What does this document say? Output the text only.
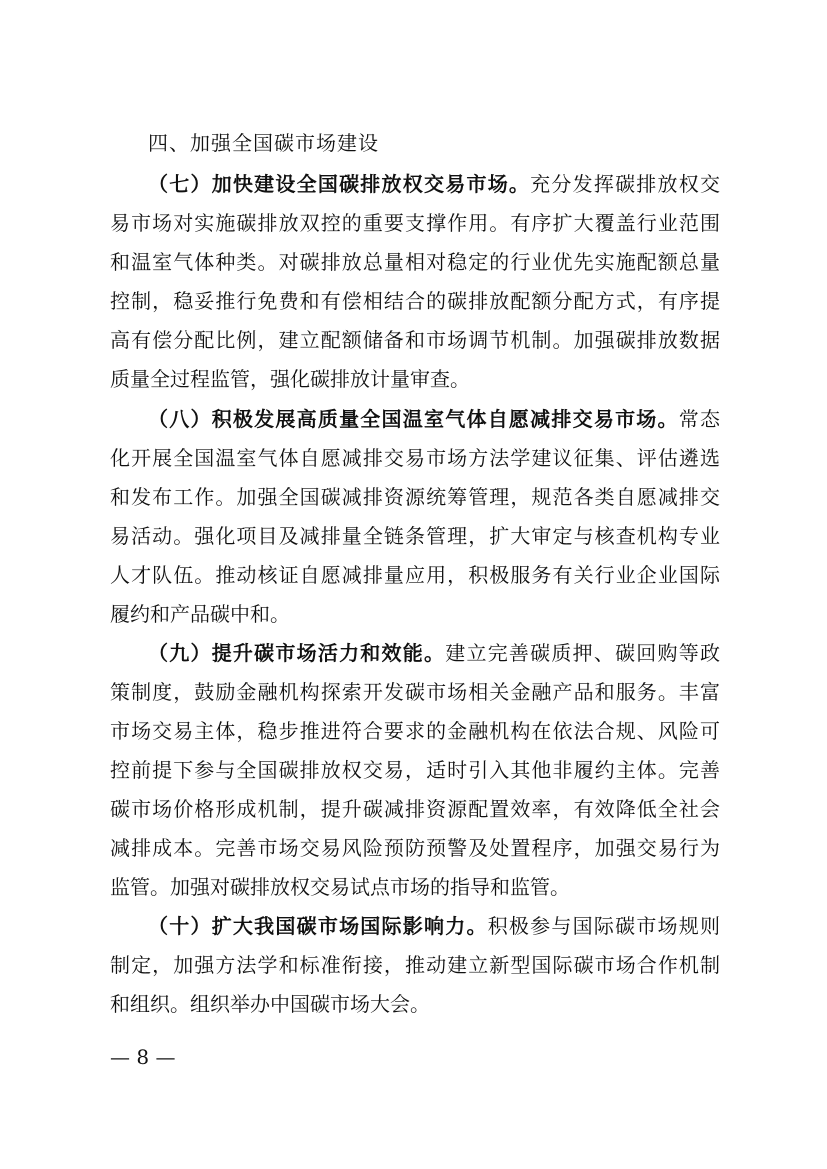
四、加强全国碳市场建设
（七）加快建设全国碳排放权交易市场。充分发挥碳排放权交
易市场对实施碳排放双控的重要支撑作用。有序扩大覆盖行业范围
和温室气体种类。对碳排放总量相对稳定的行业优先实施配额总量
控制，稳妥推行免费和有偿相结合的碳排放配额分配方式，有序提
高有偿分配比例，建立配额储备和市场调节机制。加强碳排放数据
质量全过程监管，强化碳排放计量审查。
（八）积极发展高质量全国温室气体自愿减排交易市场。常态
化开展全国温室气体自愿减排交易市场方法学建议征集、评估遴选
和发布工作。加强全国碳减排资源统筹管理，规范各类自愿减排交
易活动。强化项目及减排量全链条管理，扩大审定与核查机构专业
人才队伍。推动核证自愿减排量应用，积极服务有关行业企业国际
履约和产品碳中和。
（九）提升碳市场活力和效能。建立完善碳质押、碳回购等政
策制度，鼓励金融机构探索开发碳市场相关金融产品和服务。丰富
市场交易主体，稳步推进符合要求的金融机构在依法合规、风险可
控前提下参与全国碳排放权交易，适时引入其他非履约主体。完善
碳市场价格形成机制，提升碳减排资源配置效率，有效降低全社会
减排成本。完善市场交易风险预防预警及处置程序，加强交易行为
监管。加强对碳排放权交易试点市场的指导和监管。
（十）扩大我国碳市场国际影响力。积极参与国际碳市场规则
制定，加强方法学和标准衔接，推动建立新型国际碳市场合作机制
和组织。组织举办中国碳市场大会。
— 8 —
